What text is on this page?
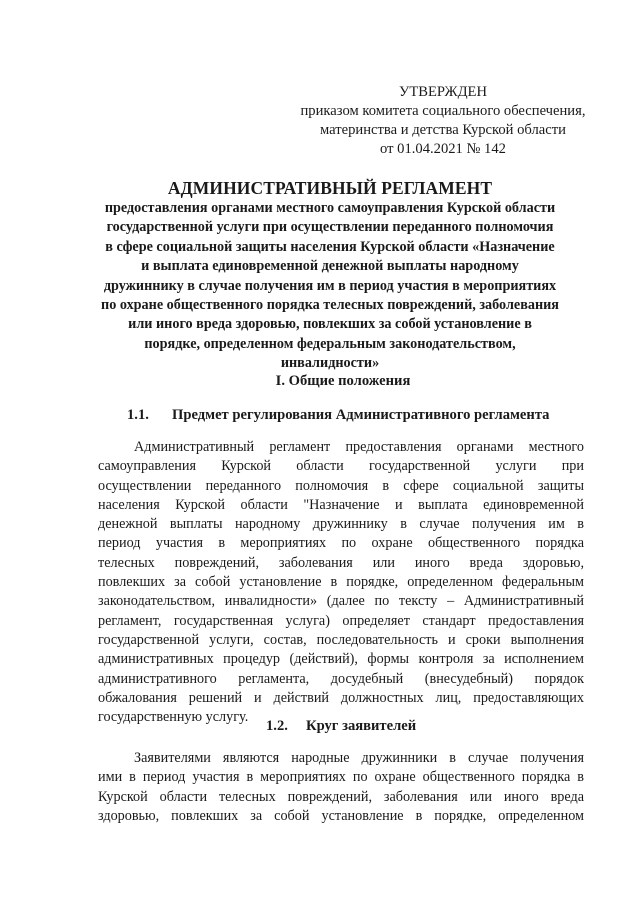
УТВЕРЖДЕН
приказом комитета социального обеспечения,
материнства и детства Курской области
от 01.04.2021 № 142
АДМИНИСТРАТИВНЫЙ РЕГЛАМЕНТ
предоставления органами местного самоуправления Курской области
государственной услуги при осуществлении переданного полномочия
в сфере социальной защиты населения Курской области «Назначение
и выплата единовременной денежной выплаты народному
дружиннику в случае получения им в период участия в мероприятиях
по охране общественного порядка телесных повреждений, заболевания
или иного вреда здоровью, повлекших за собой установление в
порядке, определенном федеральным законодательством,
инвалидности»
I. Общие положения
1.1. Предмет регулирования Административного регламента
Административный регламент предоставления органами местного
самоуправления Курской области государственной услуги при
осуществлении переданного полномочия в сфере социальной защиты
населения Курской области "Назначение и выплата единовременной
денежной выплаты народному дружиннику в случае получения им в
период участия в мероприятиях по охране общественного порядка
телесных повреждений, заболевания или иного вреда здоровью,
повлекших за собой установление в порядке, определенном федеральным
законодательством, инвалидности» (далее по тексту – Административный
регламент, государственная услуга) определяет стандарт предоставления
государственной услуги, состав, последовательность и сроки выполнения
административных процедур (действий), формы контроля за исполнением
административного регламента, досудебный (внесудебный) порядок
обжалования решений и действий должностных лиц, предоставляющих
государственную услугу.
1.2. Круг заявителей
Заявителями являются народные дружинники в случае получения
ими в период участия в мероприятиях по охране общественного порядка в
Курской области телесных повреждений, заболевания или иного вреда
здоровью, повлекших за собой установление в порядке, определенном
